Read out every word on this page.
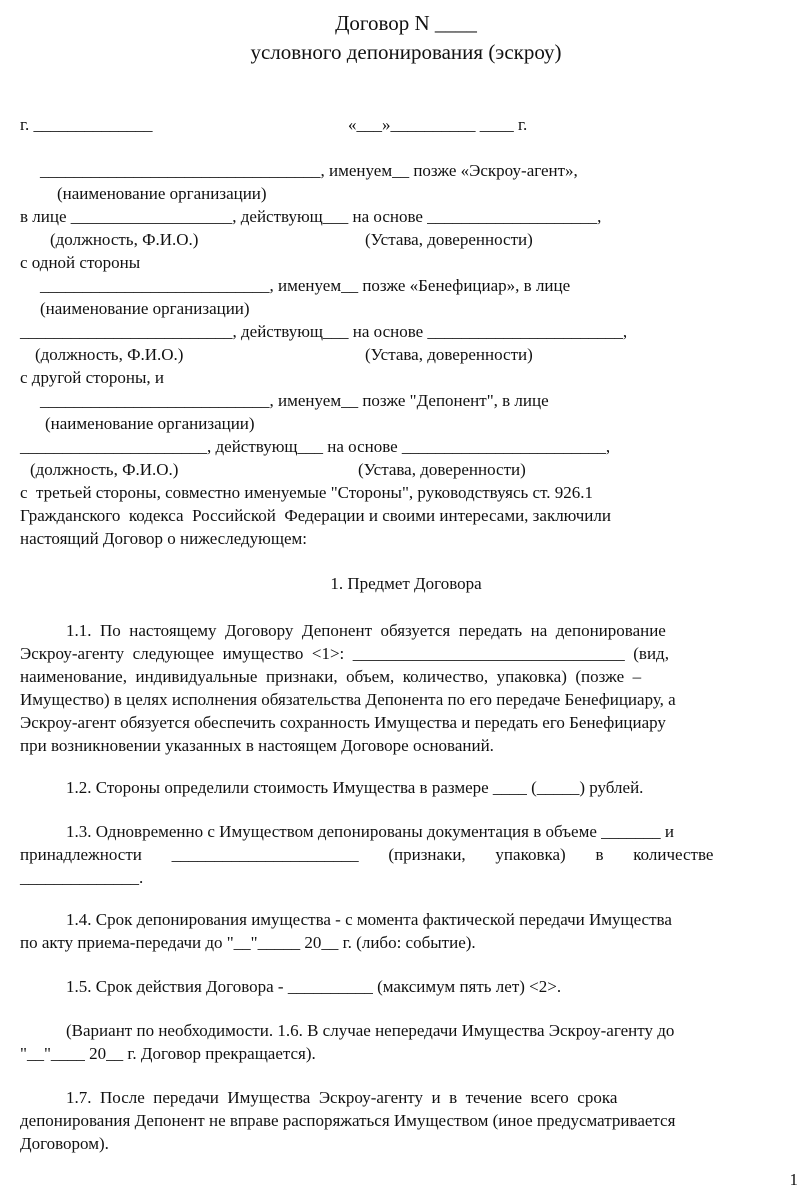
Договор N ____
условного депонирования (эскроу)
г. ______________	«___»__________ ____ г.
_________________________________, именуем__ позже «Эскроу-агент»,
(наименование организации)
в лице ___________________, действующ___ на основе ____________________,
(должность, Ф.И.О.)	(Устава, доверенности)
с одной стороны
___________________________, именуем__ позже «Бенефициар», в лице
(наименование организации)
_________________________, действующ___ на основе _______________________,
(должность, Ф.И.О.)	(Устава, доверенности)
с другой стороны, и
___________________________, именуем__ позже "Депонент", в лице
(наименование организации)
______________________, действующ___ на основе ________________________,
(должность, Ф.И.О.)	(Устава, доверенности)
с  третьей стороны, совместно именуемые "Стороны", руководствуясь ст. 926.1
Гражданского  кодекса  Российской  Федерации и своими интересами, заключили
настоящий Договор о нижеследующем:
1. Предмет Договора
1.1.  По  настоящему  Договору  Депонент  обязуется  передать  на  депонирование
Эскроу-агенту  следующее  имущество  <1>:  ________________________________  (вид,
наименование,  индивидуальные  признаки,  объем,  количество,  упаковка)  (позже  –
Имущество) в целях исполнения обязательства Депонента по его передаче Бенефициару, а
Эскроу-агент обязуется обеспечить сохранность Имущества и передать его Бенефициару
при возникновении указанных в настоящем Договоре оснований.
1.2. Стороны определили стоимость Имущества в размере ____ (_____) рублей.
1.3. Одновременно с Имуществом депонированы документация в объеме _______ и
принадлежности       ______________________       (признаки,       упаковка)       в       количестве
______________.
1.4. Срок депонирования имущества - с момента фактической передачи Имущества
по акту приема-передачи до "__"_____ 20__ г. (либо: событие).
1.5. Срок действия Договора - __________ (максимум пять лет) <2>.
(Вариант по необходимости. 1.6. В случае непередачи Имущества Эскроу-агенту до
"__"____ 20__ г. Договор прекращается).
1.7.  После  передачи  Имущества  Эскроу-агенту  и  в  течение  всего  срока
депонирования Депонент не вправе распоряжаться Имуществом (иное предусматривается
Договором).
1
